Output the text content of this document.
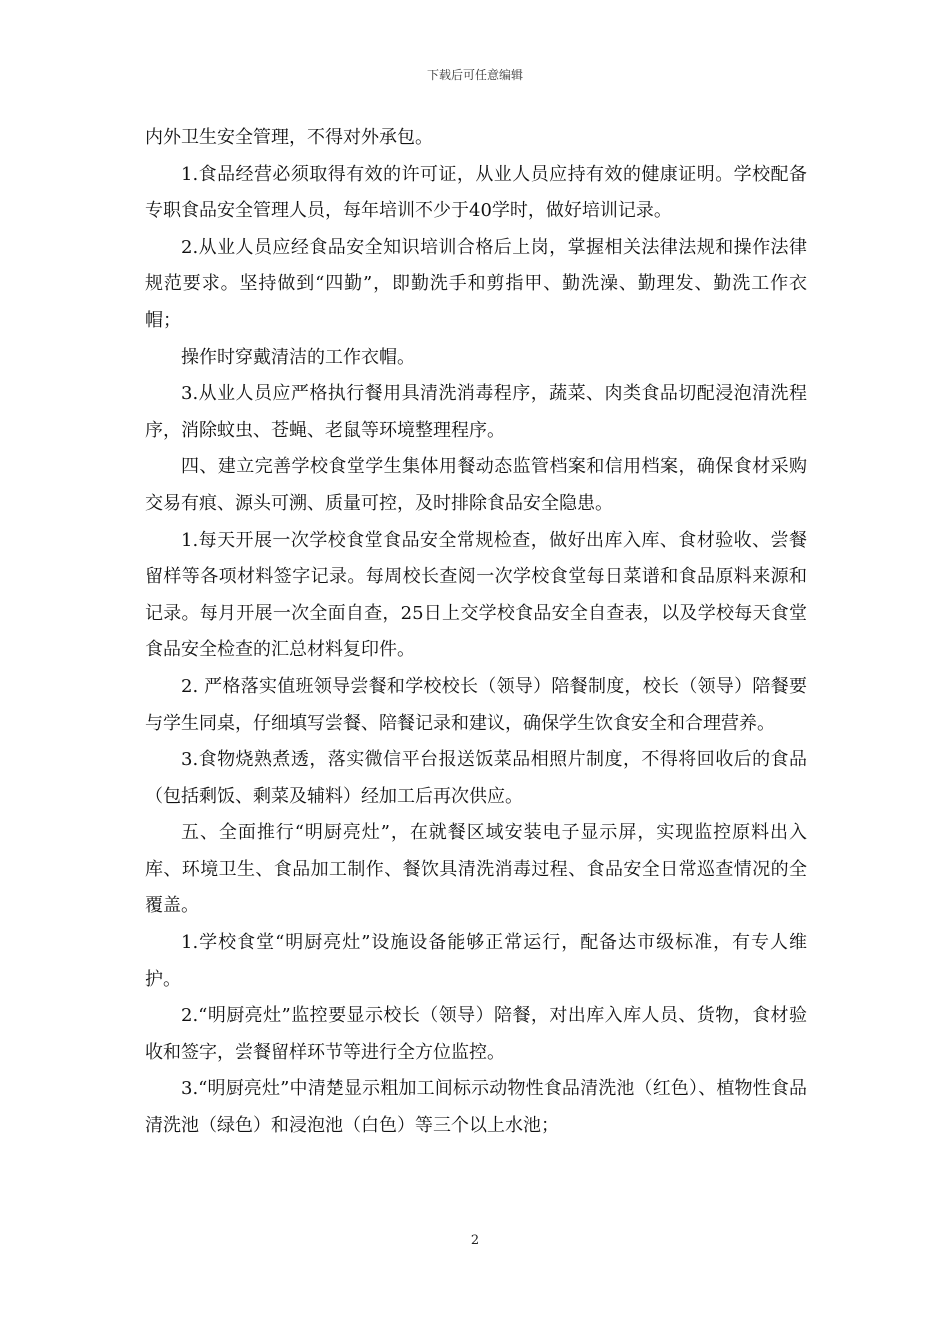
下载后可任意编辑

内外卫生安全管理，不得对外承包。

1.食品经营必须取得有效的许可证，从业人员应持有效的健康证明。学校配备专职食品安全管理人员，每年培训不少于40学时，做好培训记录。

2.从业人员应经食品安全知识培训合格后上岗，掌握相关法律法规和操作法律规范要求。坚持做到“四勤”，即勤洗手和剪指甲、勤洗澡、勤理发、勤洗工作衣帽；

操作时穿戴清洁的工作衣帽。

3.从业人员应严格执行餐用具清洗消毒程序，蔬菜、肉类食品切配浸泡清洗程序，消除蚊虫、苍蝇、老鼠等环境整理程序。

四、建立完善学校食堂学生集体用餐动态监管档案和信用档案，确保食材采购交易有痕、源头可溯、质量可控，及时排除食品安全隐患。

1.每天开展一次学校食堂食品安全常规检查，做好出库入库、食材验收、尝餐留样等各项材料签字记录。每周校长查阅一次学校食堂每日菜谱和食品原料来源和记录。每月开展一次全面自查，25日上交学校食品安全自查表，以及学校每天食堂食品安全检查的汇总材料复印件。

2. 严格落实值班领导尝餐和学校校长（领导）陪餐制度，校长（领导）陪餐要与学生同桌，仔细填写尝餐、陪餐记录和建议，确保学生饮食安全和合理营养。

3.食物烧熟煮透，落实微信平台报送饭菜品相照片制度，不得将回收后的食品（包括剩饭、剩菜及辅料）经加工后再次供应。

五、全面推行“明厨亮灶”，在就餐区域安装电子显示屏，实现监控原料出入库、环境卫生、食品加工制作、餐饮具清洗消毒过程、食品安全日常巡查情况的全覆盖。

1.学校食堂“明厨亮灶”设施设备能够正常运行，配备达市级标准，有专人维护。

2.“明厨亮灶”监控要显示校长（领导）陪餐，对出库入库人员、货物，食材验收和签字，尝餐留样环节等进行全方位监控。

3.“明厨亮灶”中清楚显示粗加工间标示动物性食品清洗池（红色）、植物性食品清洗池（绿色）和浸泡池（白色）等三个以上水池；

2
